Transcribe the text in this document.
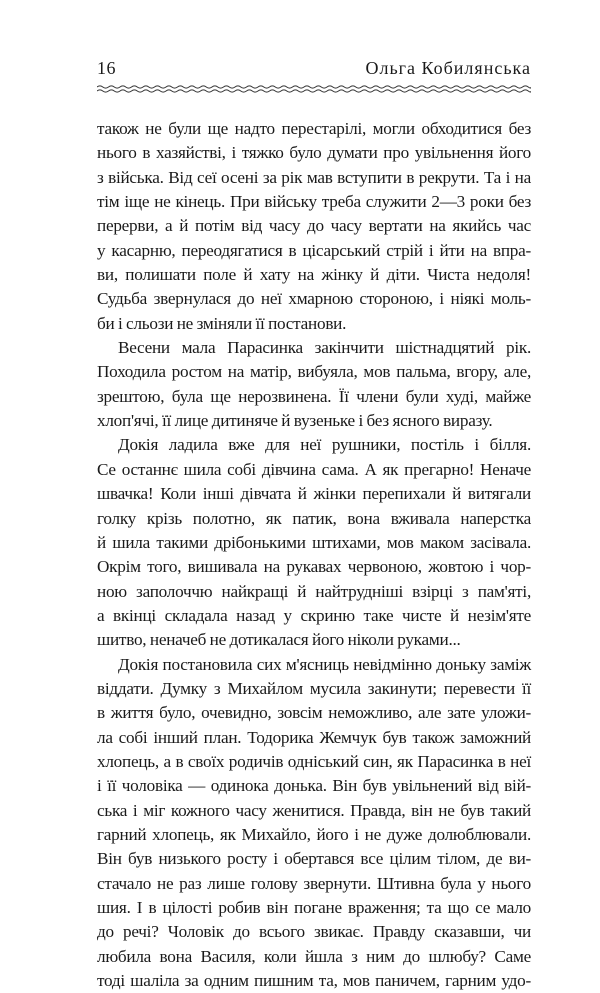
16	Ольга Кобилянська
також не були ще надто перестарілі, могли обходитися без
нього в хазяйстві, і тяжко було думати про увільнення його
з війська. Від сеї осені за рік мав вступити в рекрути. Та і на
тім іще не кінець. При війську треба служити 2—3 роки без
перерви, а й потім від часу до часу вертати на якийсь час
у касарню, переодягатися в цісарський стрій і йти на впра-
ви, полишати поле й хату на жінку й діти. Чиста недоля!
Судьба звернулася до неї хмарною стороною, і ніякі моль-
би і сльози не зміняли її постанови.
Весени мала Парасинка закінчити шістнадцятий рік.
Походила ростом на матір, вибуяла, мов пальма, вгору, але,
зрештою, була ще нерозвинена. Її члени були худі, майже
хлоп'ячі, її лице дитиняче й вузеньке і без ясного виразу.
Докія ладила вже для неї рушники, постіль і білля.
Се останнє шила собі дівчина сама. А як прегарно! Неначе
швачка! Коли інші дівчата й жінки перепихали й витягали
голку крізь полотно, як патик, вона вживала наперстка
й шила такими дрібонькими штихами, мов маком засівала.
Окрім того, вишивала на рукавах червоною, жовтою і чор-
ною заполоччю найкращі й найтрудніші взірці з пам'яті,
а вкінці складала назад у скриню таке чисте й незім'яте
шитво, неначеб не дотикалася його ніколи руками...
Докія постановила сих м'ясниць невідмінно доньку заміж
віддати. Думку з Михайлом мусила закинути; перевести її
в життя було, очевидно, зовсім неможливо, але зате уложи-
ла собі інший план. Тодорика Жемчук був також заможний
хлопець, а в своїх родичів одніський син, як Парасинка в неї
і її чоловіка — одинока донька. Він був увільнений від вій-
ська і міг кожного часу женитися. Правда, він не був такий
гарний хлопець, як Михайло, його і не дуже долюблювали.
Він був низького росту і обертався все цілим тілом, де ви-
стачало не раз лише голову звернути. Штивна була у нього
шия. І в цілості робив він погане враження; та що се мало
до речі? Чоловік до всього звикає. Правду сказавши, чи
любила вона Василя, коли йшла з ним до шлюбу? Саме
тоді шаліла за одним пишним та, мов паничем, гарним удо-
